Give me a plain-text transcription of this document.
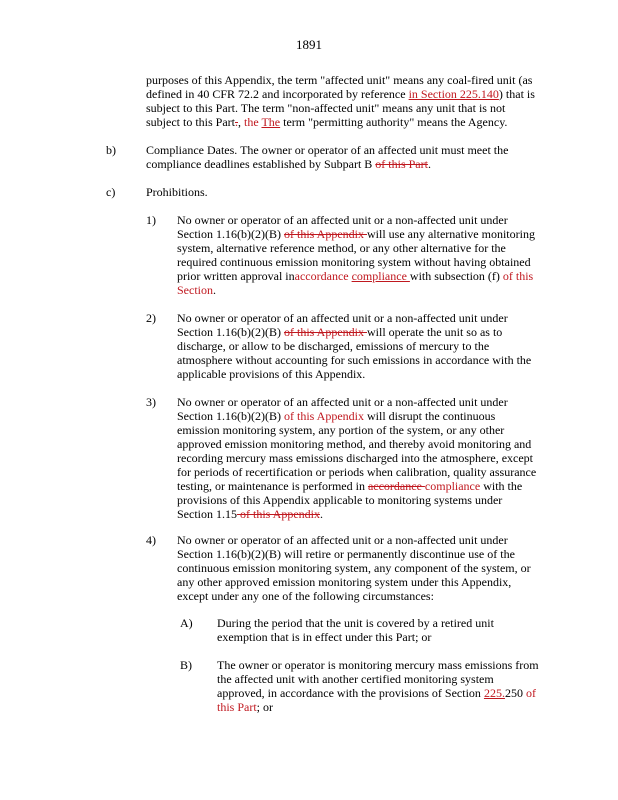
1891
purposes of this Appendix, the term "affected unit" means any coal-fired unit (as defined in 40 CFR 72.2 and incorporated by reference in Section 225.140) that is subject to this Part. The term "non-affected unit" means any unit that is not subject to this Part., the The term "permitting authority" means the Agency.
b)	Compliance Dates. The owner or operator of an affected unit must meet the compliance deadlines established by Subpart B of this Part.
c)	Prohibitions.
1) No owner or operator of an affected unit or a non-affected unit under Section 1.16(b)(2)(B) of this Appendix will use any alternative monitoring system, alternative reference method, or any other alternative for the required continuous emission monitoring system without having obtained prior written approval inaccordance compliance with subsection (f) of this Section.
2) No owner or operator of an affected unit or a non-affected unit under Section 1.16(b)(2)(B) of this Appendix will operate the unit so as to discharge, or allow to be discharged, emissions of mercury to the atmosphere without accounting for such emissions in accordance with the applicable provisions of this Appendix.
3) No owner or operator of an affected unit or a non-affected unit under Section 1.16(b)(2)(B) of this Appendix will disrupt the continuous emission monitoring system, any portion of the system, or any other approved emission monitoring method, and thereby avoid monitoring and recording mercury mass emissions discharged into the atmosphere, except for periods of recertification or periods when calibration, quality assurance testing, or maintenance is performed in accordance compliance with the provisions of this Appendix applicable to monitoring systems under Section 1.15 of this Appendix.
4) No owner or operator of an affected unit or a non-affected unit under Section 1.16(b)(2)(B) will retire or permanently discontinue use of the continuous emission monitoring system, any component of the system, or any other approved emission monitoring system under this Appendix, except under any one of the following circumstances:
A) During the period that the unit is covered by a retired unit exemption that is in effect under this Part; or
B) The owner or operator is monitoring mercury mass emissions from the affected unit with another certified monitoring system approved, in accordance with the provisions of Section 225.250 of this Part; or
